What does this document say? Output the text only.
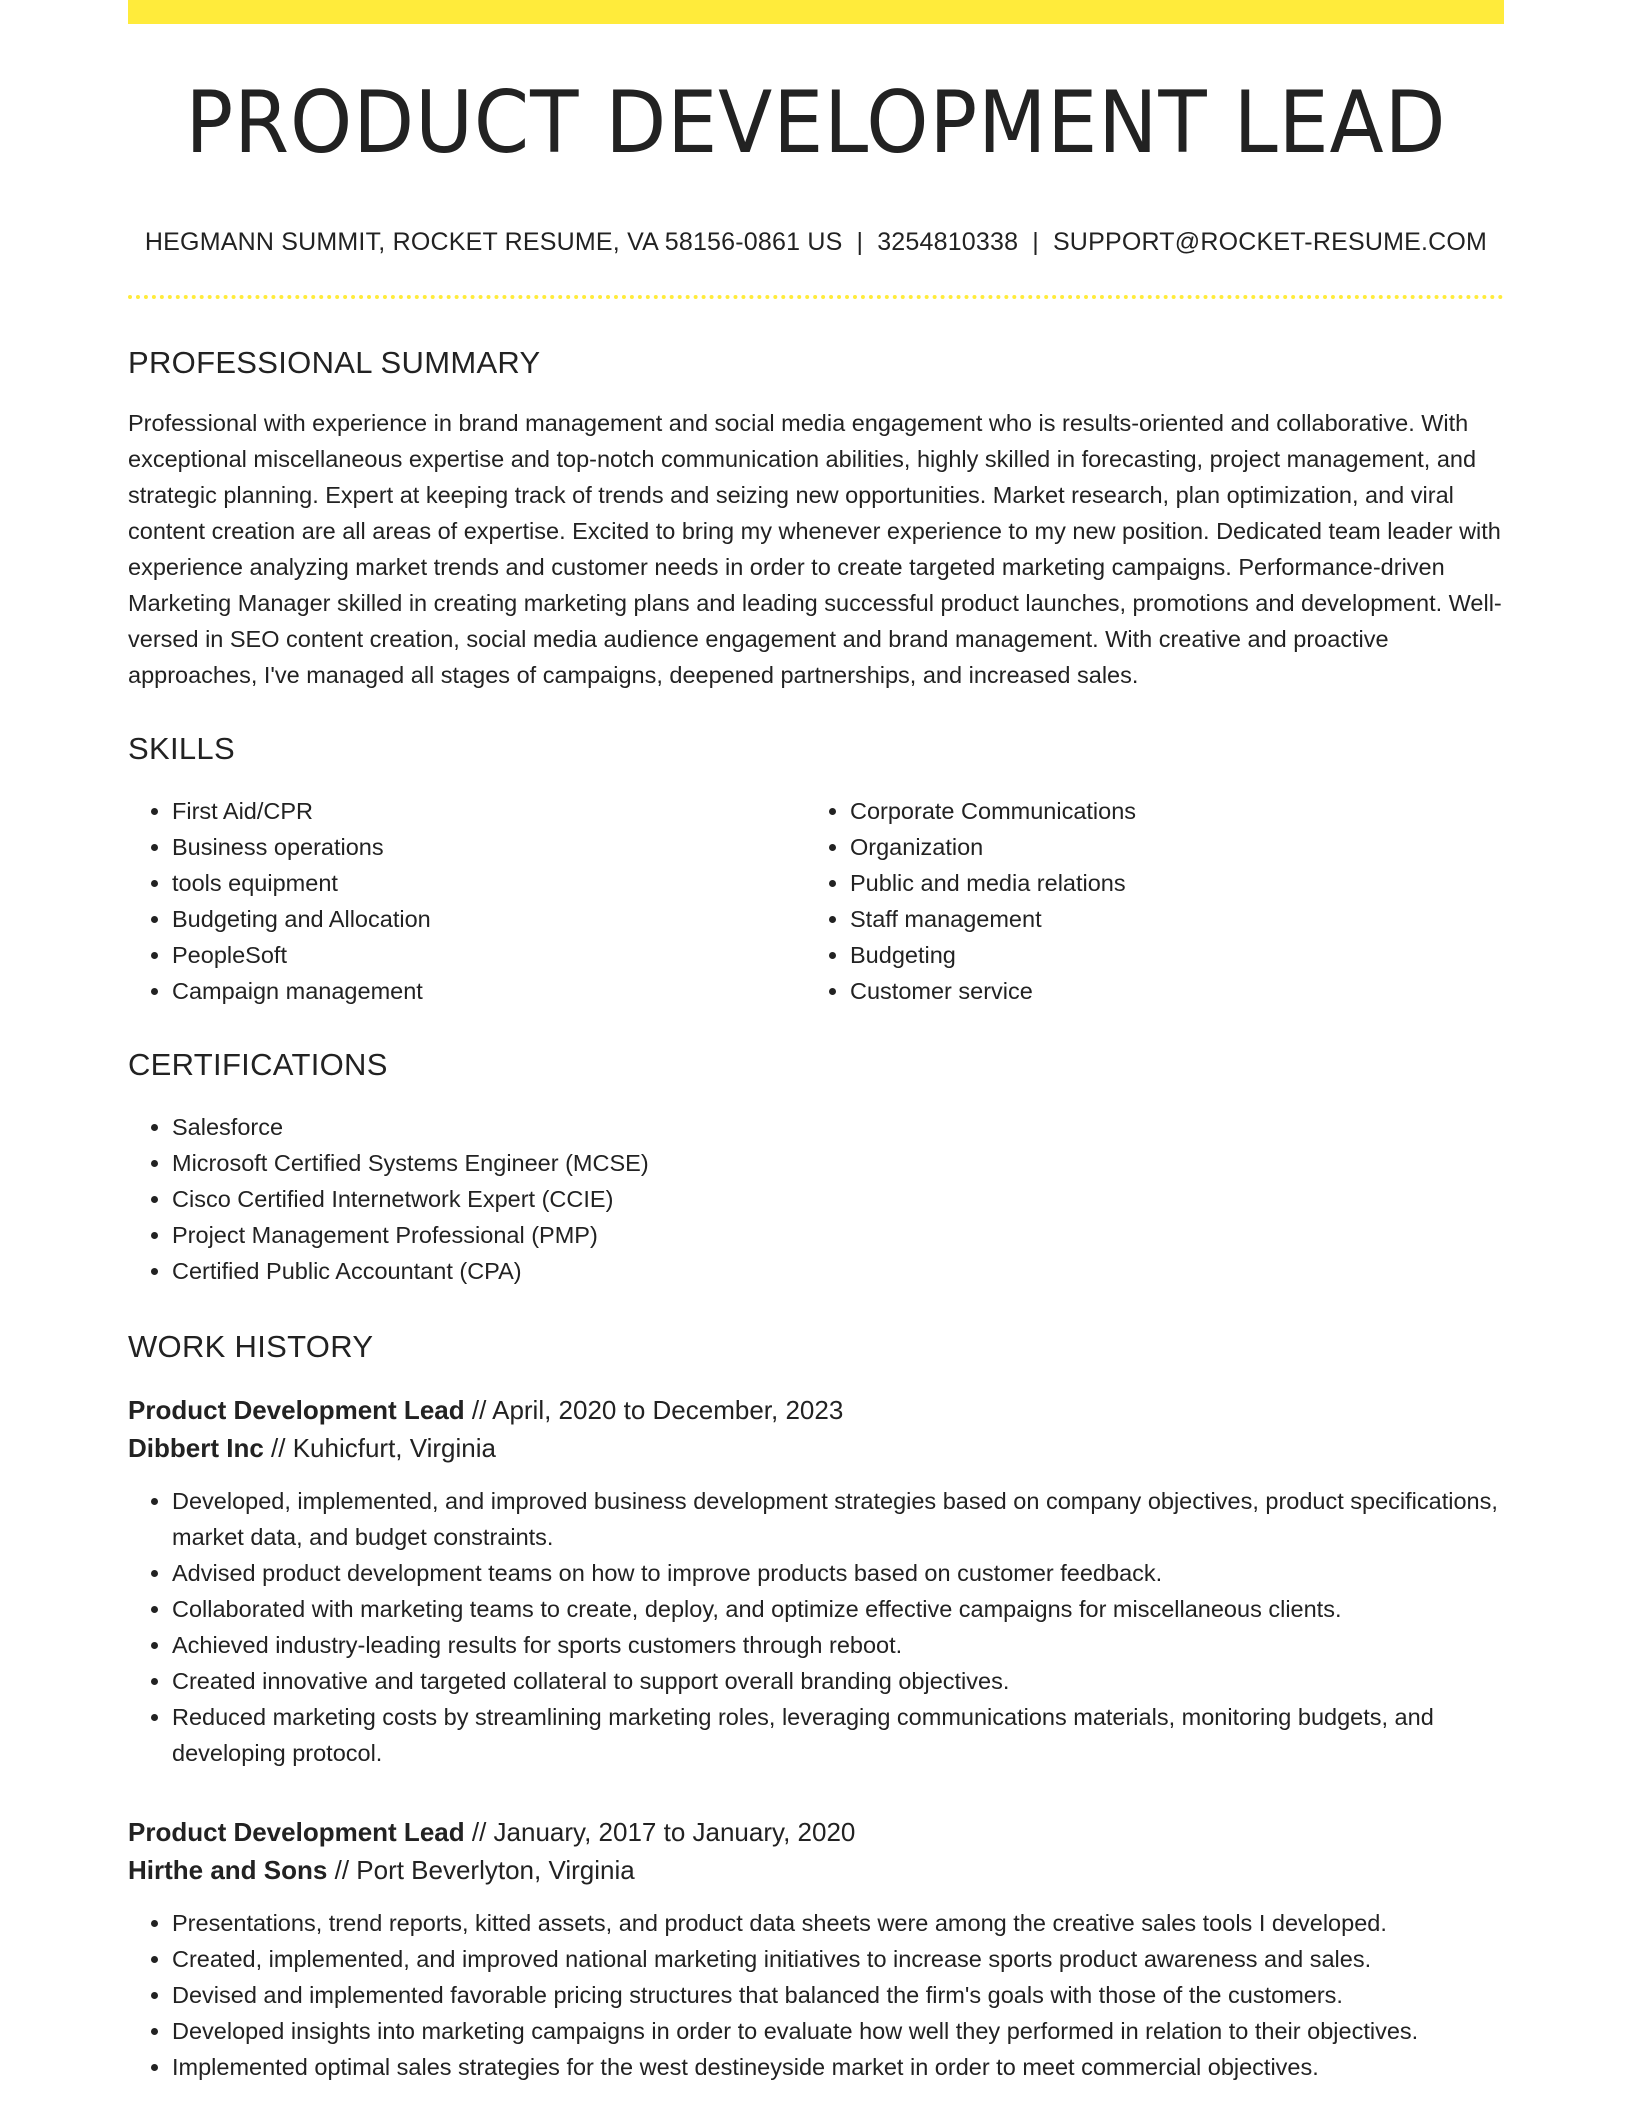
PRODUCT DEVELOPMENT LEAD
HEGMANN SUMMIT, ROCKET RESUME, VA 58156-0861 US | 3254810338 | SUPPORT@ROCKET-RESUME.COM
PROFESSIONAL SUMMARY
Professional with experience in brand management and social media engagement who is results-oriented and collaborative. With exceptional miscellaneous expertise and top-notch communication abilities, highly skilled in forecasting, project management, and strategic planning. Expert at keeping track of trends and seizing new opportunities. Market research, plan optimization, and viral content creation are all areas of expertise. Excited to bring my whenever experience to my new position. Dedicated team leader with experience analyzing market trends and customer needs in order to create targeted marketing campaigns. Performance-driven Marketing Manager skilled in creating marketing plans and leading successful product launches, promotions and development. Well-versed in SEO content creation, social media audience engagement and brand management. With creative and proactive approaches, I've managed all stages of campaigns, deepened partnerships, and increased sales.
SKILLS
• First Aid/CPR
• Business operations
• tools equipment
• Budgeting and Allocation
• PeopleSoft
• Campaign management
• Corporate Communications
• Organization
• Public and media relations
• Staff management
• Budgeting
• Customer service
CERTIFICATIONS
• Salesforce
• Microsoft Certified Systems Engineer (MCSE)
• Cisco Certified Internetwork Expert (CCIE)
• Project Management Professional (PMP)
• Certified Public Accountant (CPA)
WORK HISTORY
Product Development Lead // April, 2020 to December, 2023
Dibbert Inc // Kuhicfurt, Virginia
• Developed, implemented, and improved business development strategies based on company objectives, product specifications, market data, and budget constraints.
• Advised product development teams on how to improve products based on customer feedback.
• Collaborated with marketing teams to create, deploy, and optimize effective campaigns for miscellaneous clients.
• Achieved industry-leading results for sports customers through reboot.
• Created innovative and targeted collateral to support overall branding objectives.
• Reduced marketing costs by streamlining marketing roles, leveraging communications materials, monitoring budgets, and developing protocol.
Product Development Lead // January, 2017 to January, 2020
Hirthe and Sons // Port Beverlyton, Virginia
• Presentations, trend reports, kitted assets, and product data sheets were among the creative sales tools I developed.
• Created, implemented, and improved national marketing initiatives to increase sports product awareness and sales.
• Devised and implemented favorable pricing structures that balanced the firm's goals with those of the customers.
• Developed insights into marketing campaigns in order to evaluate how well they performed in relation to their objectives.
• Implemented optimal sales strategies for the west destineyside market in order to meet commercial objectives.
